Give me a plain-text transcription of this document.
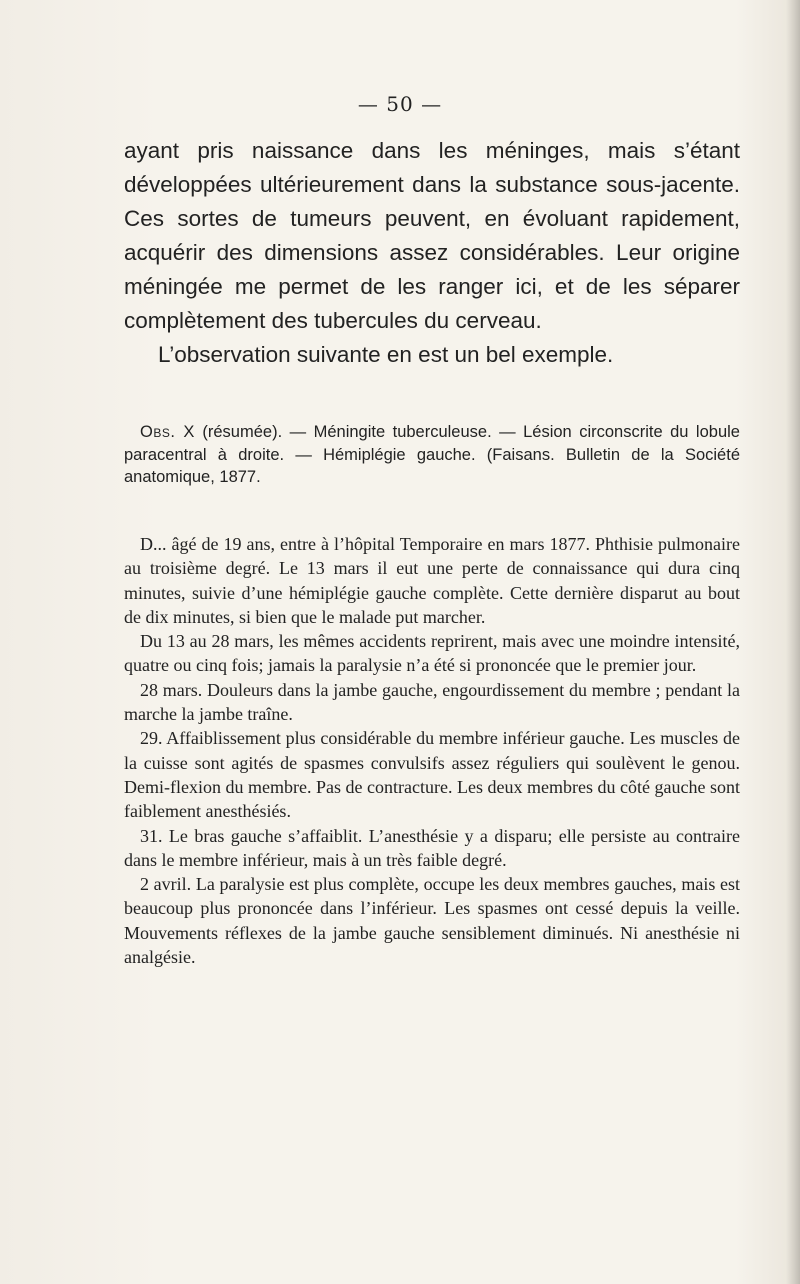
— 50 —

ayant pris naissance dans les méninges, mais s’étant développées ultérieurement dans la substance sous-jacente. Ces sortes de tumeurs peuvent, en évoluant rapidement, acquérir des dimensions assez considérables. Leur origine méningée me permet de les ranger ici, et de les séparer complètement des tubercules du cerveau.

L’observation suivante en est un bel exemple.

Obs. X (résumée). — Méningite tuberculeuse. — Lésion circonscrite du lobule paracentral à droite. — Hémiplégie gauche. (Faisans. Bulletin de la Société anatomique, 1877.

D... âgé de 19 ans, entre à l’hôpital Temporaire en mars 1877. Phthisie pulmonaire au troisième degré. Le 13 mars il eut une perte de connaissance qui dura cinq minutes, suivie d’une hémiplégie gauche complète. Cette dernière disparut au bout de dix minutes, si bien que le malade put marcher.

Du 13 au 28 mars, les mêmes accidents reprirent, mais avec une moindre intensité, quatre ou cinq fois; jamais la paralysie n’a été si prononcée que le premier jour.

28 mars. Douleurs dans la jambe gauche, engourdissement du membre ; pendant la marche la jambe traîne.

29. Affaiblissement plus considérable du membre inférieur gauche. Les muscles de la cuisse sont agités de spasmes convulsifs assez réguliers qui soulèvent le genou. Demi-flexion du membre. Pas de contracture. Les deux membres du côté gauche sont faiblement anesthésiés.

31. Le bras gauche s’affaiblit. L’anesthésie y a disparu; elle persiste au contraire dans le membre inférieur, mais à un très faible degré.

2 avril. La paralysie est plus complète, occupe les deux membres gauches, mais est beaucoup plus prononcée dans l’inférieur. Les spasmes ont cessé depuis la veille. Mouvements réflexes de la jambe gauche sensiblement diminués. Ni anesthésie ni analgésie.
